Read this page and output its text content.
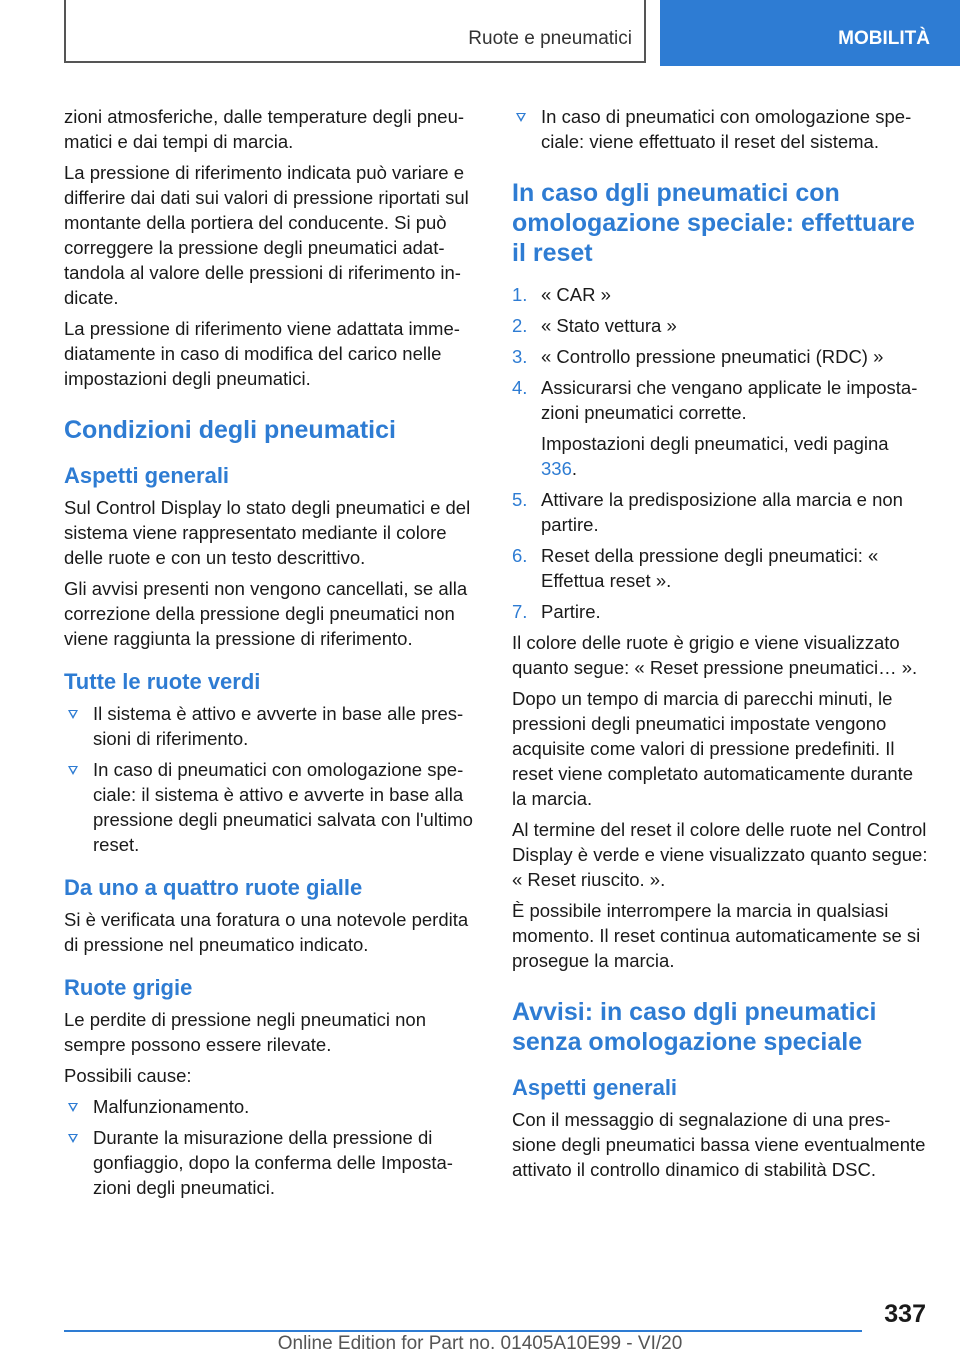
Ruote e pneumatici	MOBILITÀ

zioni atmosferiche, dalle temperature degli pneumatici e dai tempi di marcia.

La pressione di riferimento indicata può variare e differire dai dati sui valori di pressione riportati sul montante della portiera del conducente. Si può correggere la pressione degli pneumatici adattandola al valore delle pressioni di riferimento indicate.

La pressione di riferimento viene adattata immediatamente in caso di modifica del carico nelle impostazioni degli pneumatici.

Condizioni degli pneumatici
Aspetti generali

Sul Control Display lo stato degli pneumatici e del sistema viene rappresentato mediante il colore delle ruote e con un testo descrittivo.

Gli avvisi presenti non vengono cancellati, se alla correzione della pressione degli pneumatici non viene raggiunta la pressione di riferimento.

Tutte le ruote verdi
Il sistema è attivo e avverte in base alle pressioni di riferimento.
In caso di pneumatici con omologazione speciale: il sistema è attivo e avverte in base alla pressione degli pneumatici salvata con l'ultimo reset.
Da uno a quattro ruote gialle

Si è verificata una foratura o una notevole perdita di pressione nel pneumatico indicato.

Ruote grigie

Le perdite di pressione negli pneumatici non sempre possono essere rilevate.

Possibili cause:

Malfunzionamento.
Durante la misurazione della pressione di gonfiaggio, dopo la conferma delle Impostazioni degli pneumatici.
In caso di pneumatici con omologazione speciale: viene effettuato il reset del sistema.
In caso dgli pneumatici con omologazione speciale: effettuare il reset
1. « CAR »
2. « Stato vettura »
3. « Controllo pressione pneumatici (RDC) »
4. Assicurarsi che vengano applicate le impostazioni pneumatici corrette.
Impostazioni degli pneumatici, vedi pagina 336.
5. Attivare la predisposizione alla marcia e non partire.
6. Reset della pressione degli pneumatici: « Effettua reset ».
7. Partire.

Il colore delle ruote è grigio e viene visualizzato quanto segue: « Reset pressione pneumatici… ».

Dopo un tempo di marcia di parecchi minuti, le pressioni degli pneumatici impostate vengono acquisite come valori di pressione predefiniti. Il reset viene completato automaticamente durante la marcia.

Al termine del reset il colore delle ruote nel Control Display è verde e viene visualizzato quanto segue: « Reset riuscito. ».

È possibile interrompere la marcia in qualsiasi momento. Il reset continua automaticamente se si prosegue la marcia.

Avvisi: in caso dgli pneumatici senza omologazione speciale
Aspetti generali

Con il messaggio di segnalazione di una pressione degli pneumatici bassa viene eventualmente attivato il controllo dinamico di stabilità DSC.

337
Online Edition for Part no. 01405A10E99 - VI/20
